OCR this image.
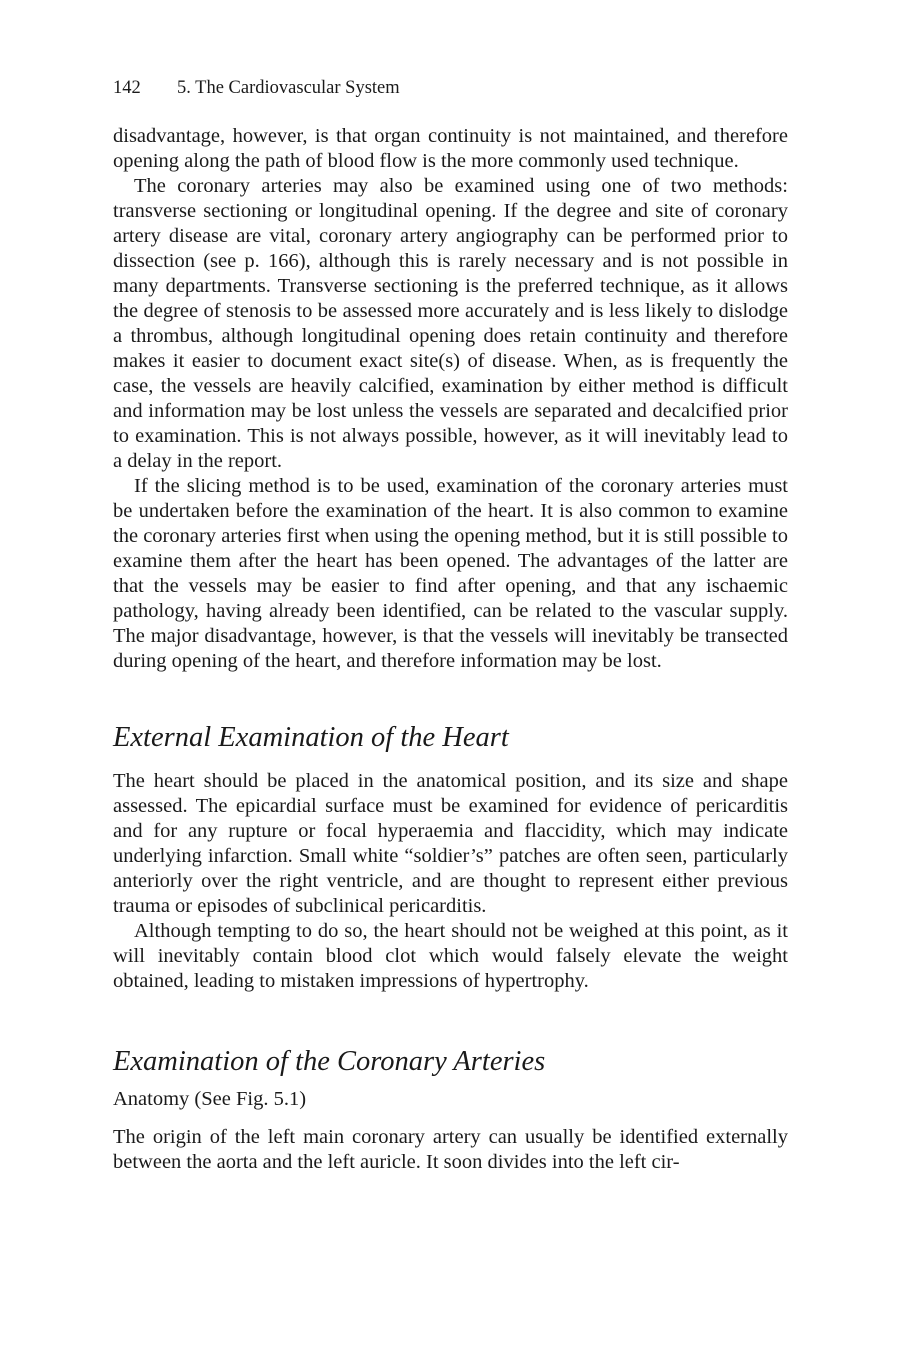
142 5. The Cardiovascular System

disadvantage, however, is that organ continuity is not maintained, and therefore opening along the path of blood flow is the more commonly used technique.

The coronary arteries may also be examined using one of two methods: transverse sectioning or longitudinal opening. If the degree and site of coronary artery disease are vital, coronary artery angiography can be performed prior to dissection (see p. 166), although this is rarely necessary and is not possible in many departments. Transverse sectioning is the preferred technique, as it allows the degree of stenosis to be assessed more accurately and is less likely to dislodge a thrombus, although longitudinal opening does retain continuity and therefore makes it easier to document exact site(s) of disease. When, as is frequently the case, the vessels are heavily calcified, examination by either method is difficult and information may be lost unless the vessels are separated and decalcified prior to examination. This is not always possible, however, as it will inevitably lead to a delay in the report.

If the slicing method is to be used, examination of the coronary arteries must be undertaken before the examination of the heart. It is also common to examine the coronary arteries first when using the opening method, but it is still possible to examine them after the heart has been opened. The advantages of the latter are that the vessels may be easier to find after opening, and that any ischaemic pathology, having already been identified, can be related to the vascular supply. The major disadvantage, however, is that the vessels will inevitably be transected during opening of the heart, and therefore information may be lost.

External Examination of the Heart

The heart should be placed in the anatomical position, and its size and shape assessed. The epicardial surface must be examined for evidence of pericarditis and for any rupture or focal hyperaemia and flaccidity, which may indicate underlying infarction. Small white “soldier’s” patches are often seen, particularly anteriorly over the right ventricle, and are thought to represent either previous trauma or episodes of subclinical pericarditis.

Although tempting to do so, the heart should not be weighed at this point, as it will inevitably contain blood clot which would falsely elevate the weight obtained, leading to mistaken impressions of hypertrophy.

Examination of the Coronary Arteries
Anatomy (See Fig. 5.1)

The origin of the left main coronary artery can usually be identified externally between the aorta and the left auricle. It soon divides into the left cir-
